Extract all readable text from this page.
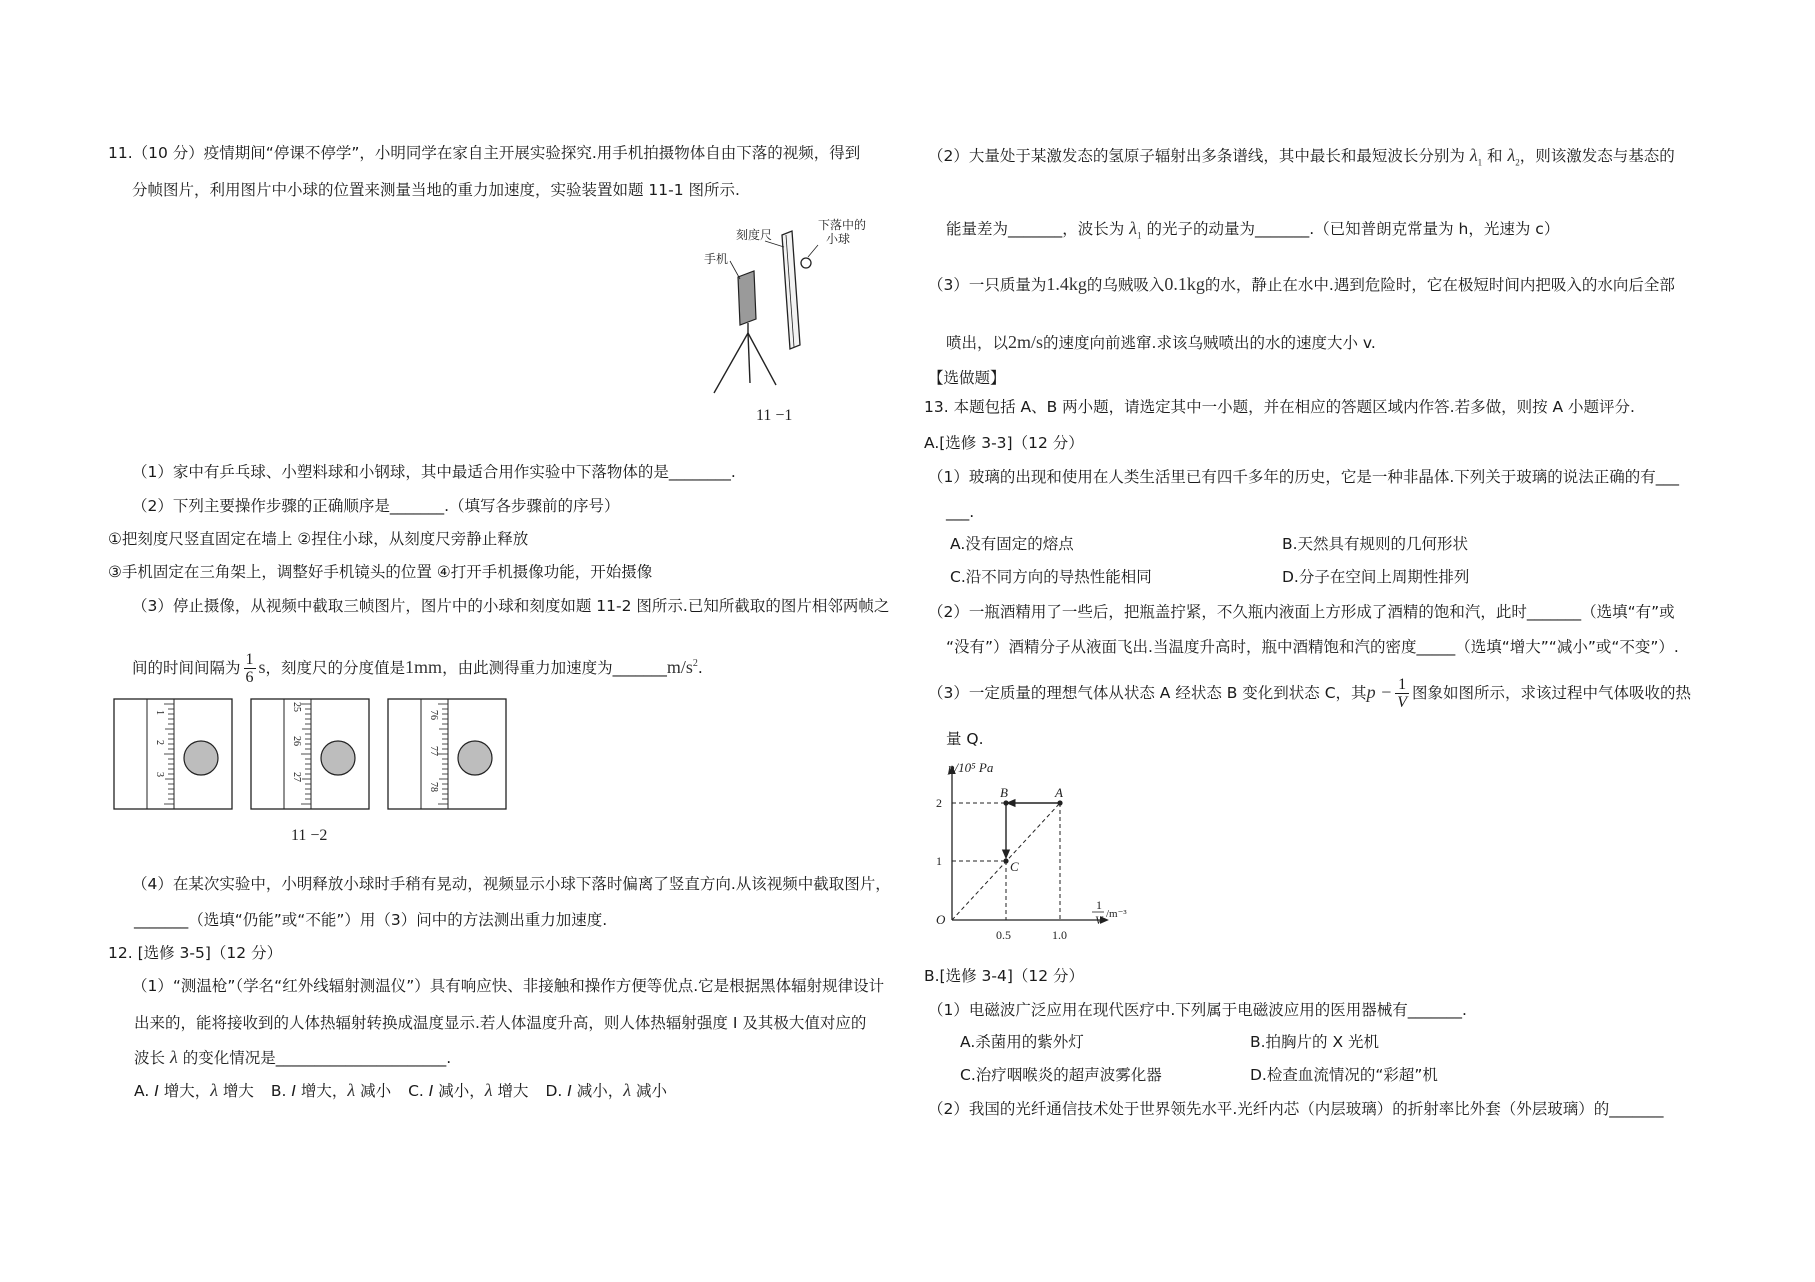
11.（10 分）疫情期间“停课不停学”，小明同学在家自主开展实验探究.用手机拍摄物体自由下落的视频，得到
分帧图片，利用图片中小球的位置来测量当地的重力加速度，实验装置如题 11-1 图所示.
刻度尺
下落中的
小球
手机
11 −1
（1）家中有乒乓球、小塑料球和小钢球，其中最适合用作实验中下落物体的是________.
（2）下列主要操作步骤的正确顺序是_______.（填写各步骤前的序号）
①把刻度尺竖直固定在墙上 ②捏住小球，从刻度尺旁静止释放
③手机固定在三角架上，调整好手机镜头的位置 ④打开手机摄像功能，开始摄像
（3）停止摄像，从视频中截取三帧图片，图片中的小球和刻度如题 11-2 图所示.已知所截取的图片相邻两帧之
间的时间间隔为 $\frac{1}{6}$ s，刻度尺的分度值是1mm，由此测得重力加速度为$\_\_\_\_\_\_\_m/s^2$.
1
2
3
25
26
27
76
77
78
11 −2
（4）在某次实验中，小明释放小球时手稍有晃动，视频显示小球下落时偏离了竖直方向.从该视频中截取图片，
_______（选填“仍能”或“不能”）用（3）问中的方法测出重力加速度.
12. [选修 3-5]（12 分）
（1）“测温枪”（学名“红外线辐射测温仪”）具有响应快、非接触和操作方便等优点.它是根据黑体辐射规律设计
出来的，能将接收到的人体热辐射转换成温度显示.若人体温度升高，则人体热辐射强度 I 及其极大值对应的
波长 λ 的变化情况是______________________.
A. I 增大，λ 增大 B. I 增大，λ 减小 C. I 减小，λ 增大 D. I 减小，λ 减小
（2）大量处于某激发态的氢原子辐射出多条谱线，其中最长和最短波长分别为 $\lambda_1$ 和 $\lambda_2$，则该激发态与基态的
能量差为_______，波长为 $\lambda_1$ 的光子的动量为_______.（已知普朗克常量为 h，光速为 c）
（3）一只质量为1.4kg的乌贼吸入0.1kg的水，静止在水中.遇到危险时，它在极短时间内把吸入的水向后全部
喷出，以2m/s的速度向前逃窜.求该乌贼喷出的水的速度大小 v.
【选做题】
13. 本题包括 A、B 两小题，请选定其中一小题，并在相应的答题区域内作答.若多做，则按 A 小题评分.
A.[选修 3-3]（12 分）
（1）玻璃的出现和使用在人类生活里已有四千多年的历史，它是一种非晶体.下列关于玻璃的说法正确的有___
___.
A.没有固定的熔点	B.天然具有规则的几何形状
C.沿不同方向的导热性能相同	D.分子在空间上周期性排列
（2）一瓶酒精用了一些后，把瓶盖拧紧，不久瓶内液面上方形成了酒精的饱和汽，此时_______（选填“有”或
“没有”）酒精分子从液面飞出.当温度升高时，瓶中酒精饱和汽的密度_____（选填“增大”“减小”或“不变”）.
（3）一定质量的理想气体从状态 A 经状态 B 变化到状态 C，其$p - \frac{1}{V}$ 图象如图所示，求该过程中气体吸收的热
量 Q.
p/10⁵ Pa
1
V /m⁻³
O
1
2
0.5	1.0
A
B
C
B.[选修 3-4]（12 分）
（1）电磁波广泛应用在现代医疗中.下列属于电磁波应用的医用器械有_______.
A.杀菌用的紫外灯	B.拍胸片的 X 光机
C.治疗咽喉炎的超声波雾化器	D.检查血流情况的“彩超”机
（2）我国的光纤通信技术处于世界领先水平.光纤内芯（内层玻璃）的折射率比外套（外层玻璃）的_______
